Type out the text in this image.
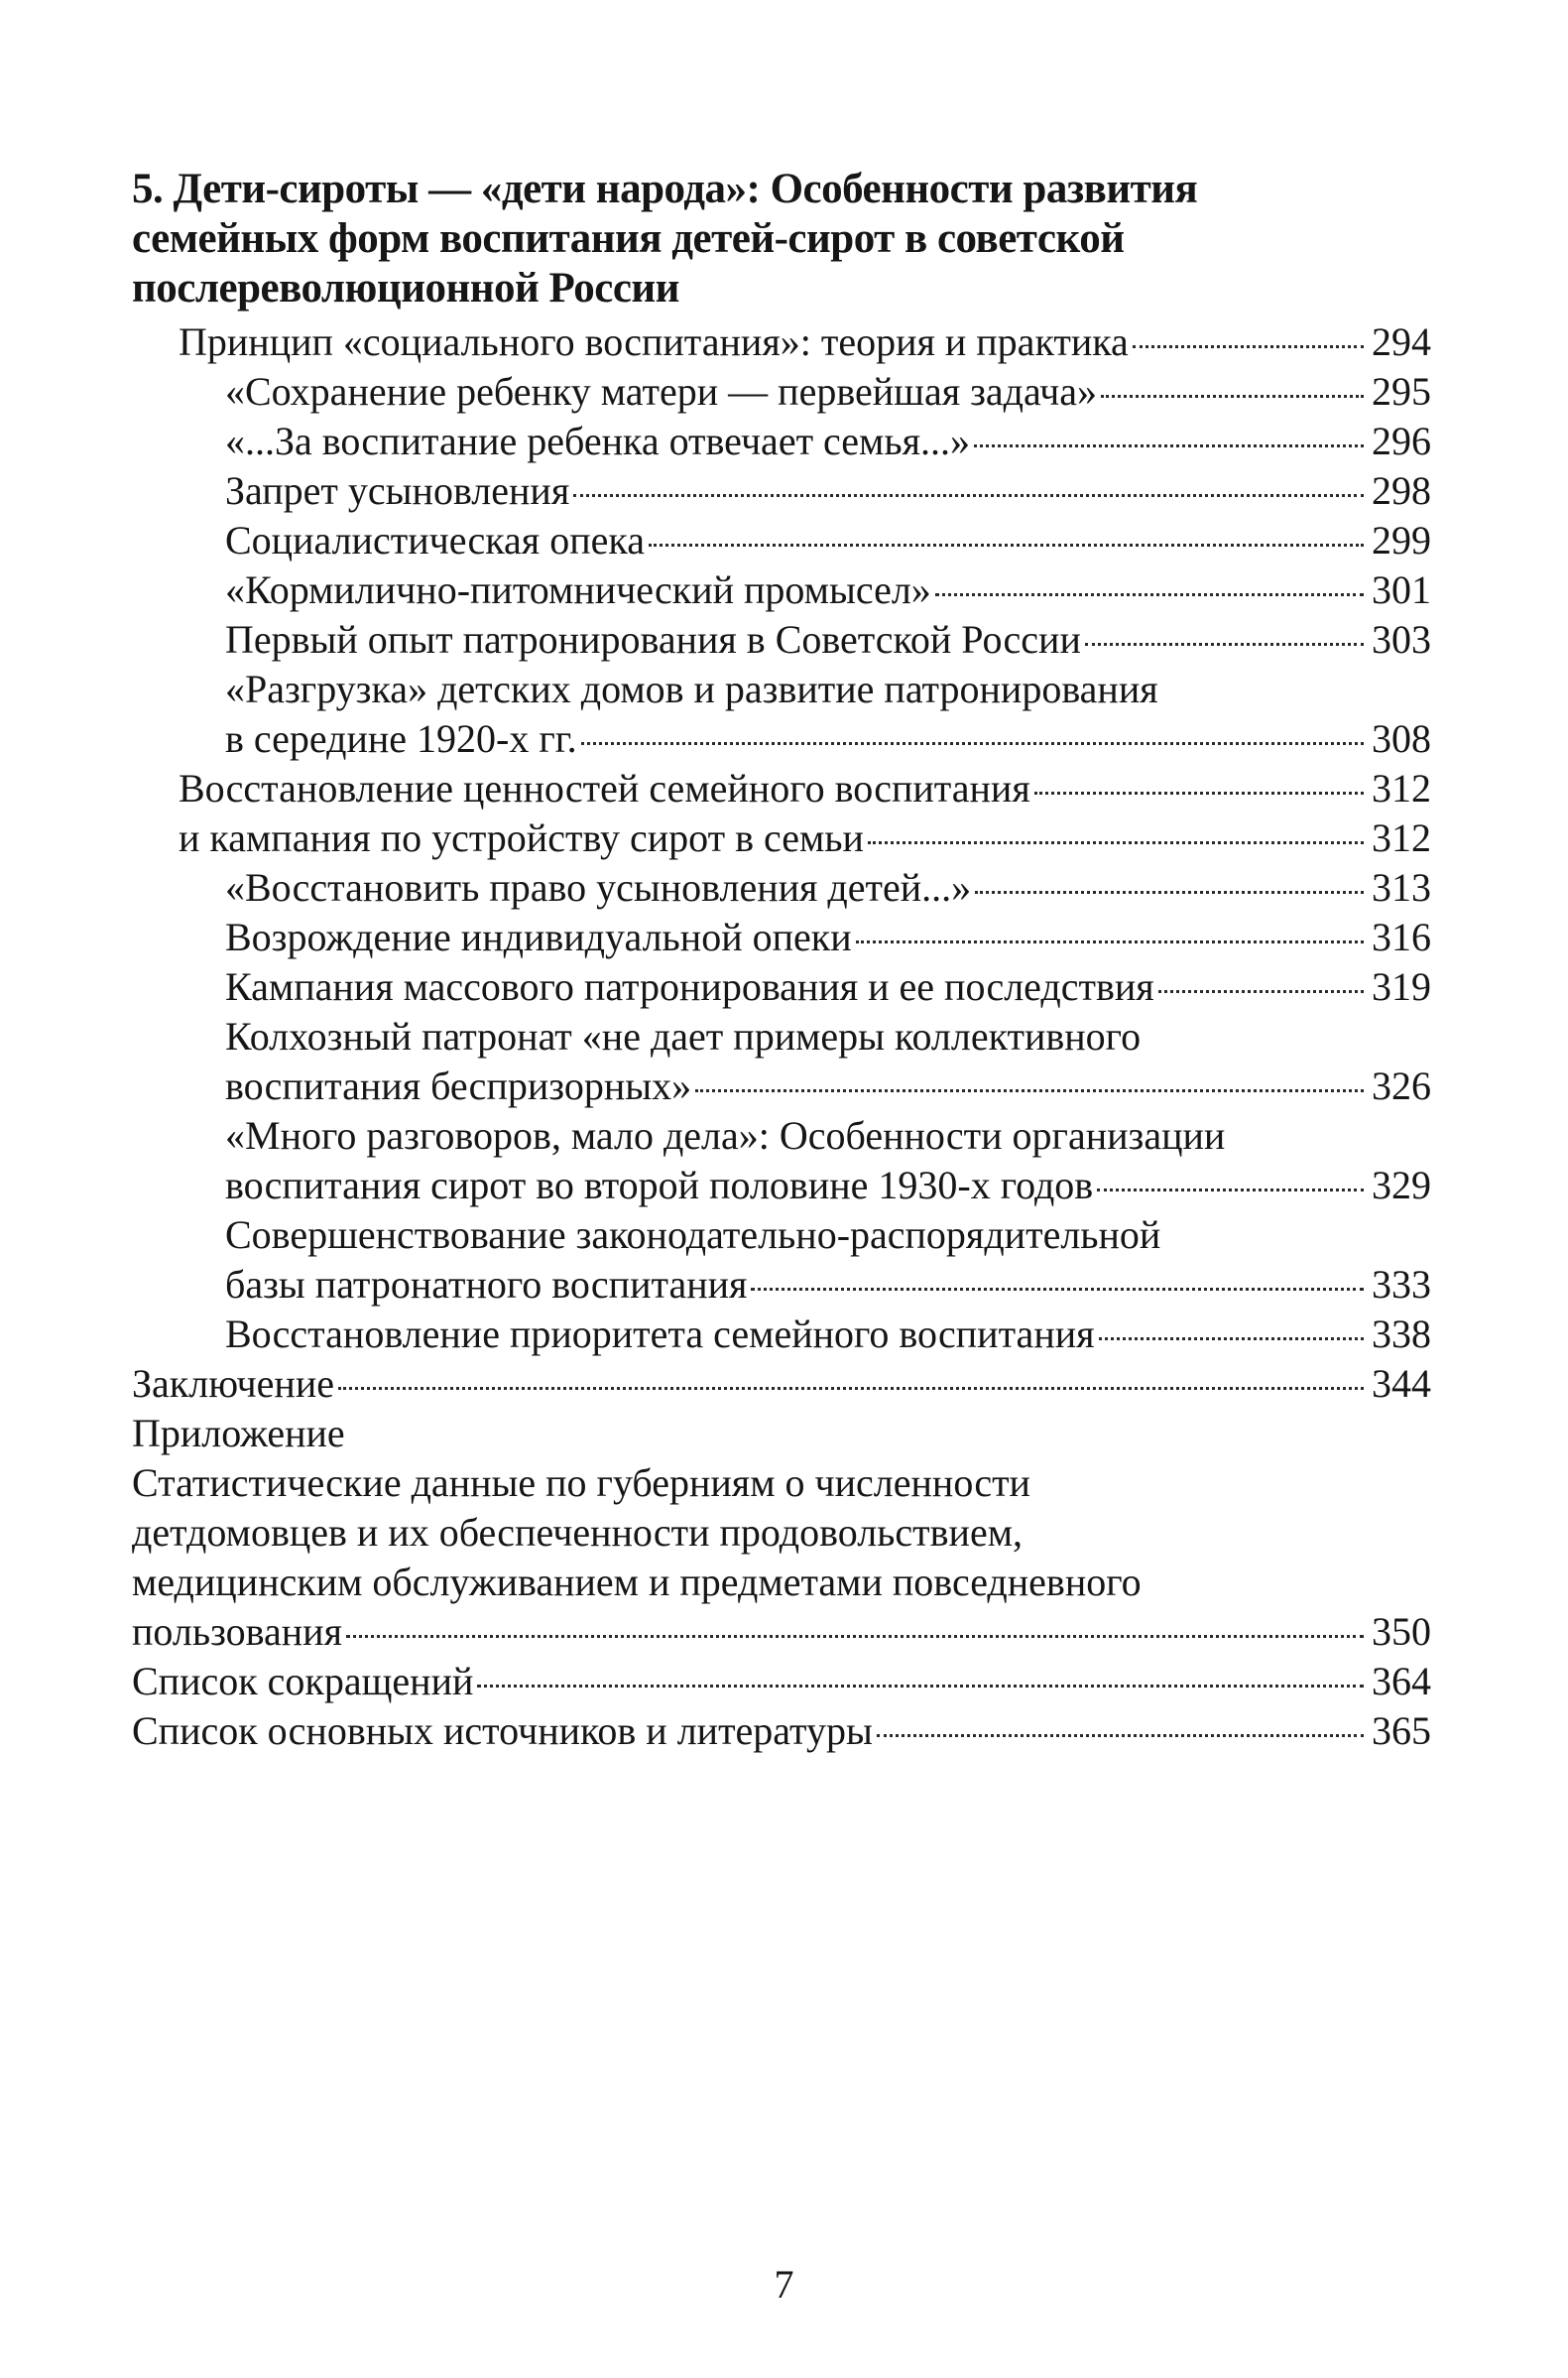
5. Дети-сироты — «дети народа»: Особенности развития
семейных форм воспитания детей-сирот в советской
послереволюционной России
Принцип «социального воспитания»: теория и практика	294
«Сохранение ребенку матери — первейшая задача»	295
«...За воспитание ребенка отвечает семья...»	296
Запрет усыновления	298
Социалистическая опека	299
«Кормилично-питомнический промысел»	301
Первый опыт патронирования в Советской России	303
«Разгрузка» детских домов и развитие патронирования
в середине 1920-х гг.	308
Восстановление ценностей семейного воспитания	312
и кампания по устройству сирот в семьи	312
«Восстановить право усыновления детей...»	313
Возрождение индивидуальной опеки	316
Кампания массового патронирования и ее последствия	319
Колхозный патронат «не дает примеры коллективного
воспитания беспризорных»	326
«Много разговоров, мало дела»: Особенности организации
воспитания сирот во второй половине 1930-х годов	329
Совершенствование законодательно-распорядительной
базы патронатного воспитания	333
Восстановление приоритета семейного воспитания	338
Заключение	344
Приложение
Статистические данные по губерниям о численности
детдомовцев и их обеспеченности продовольствием,
медицинским обслуживанием и предметами повседневного
пользования	350
Список сокращений	364
Список основных источников и литературы	365
7
